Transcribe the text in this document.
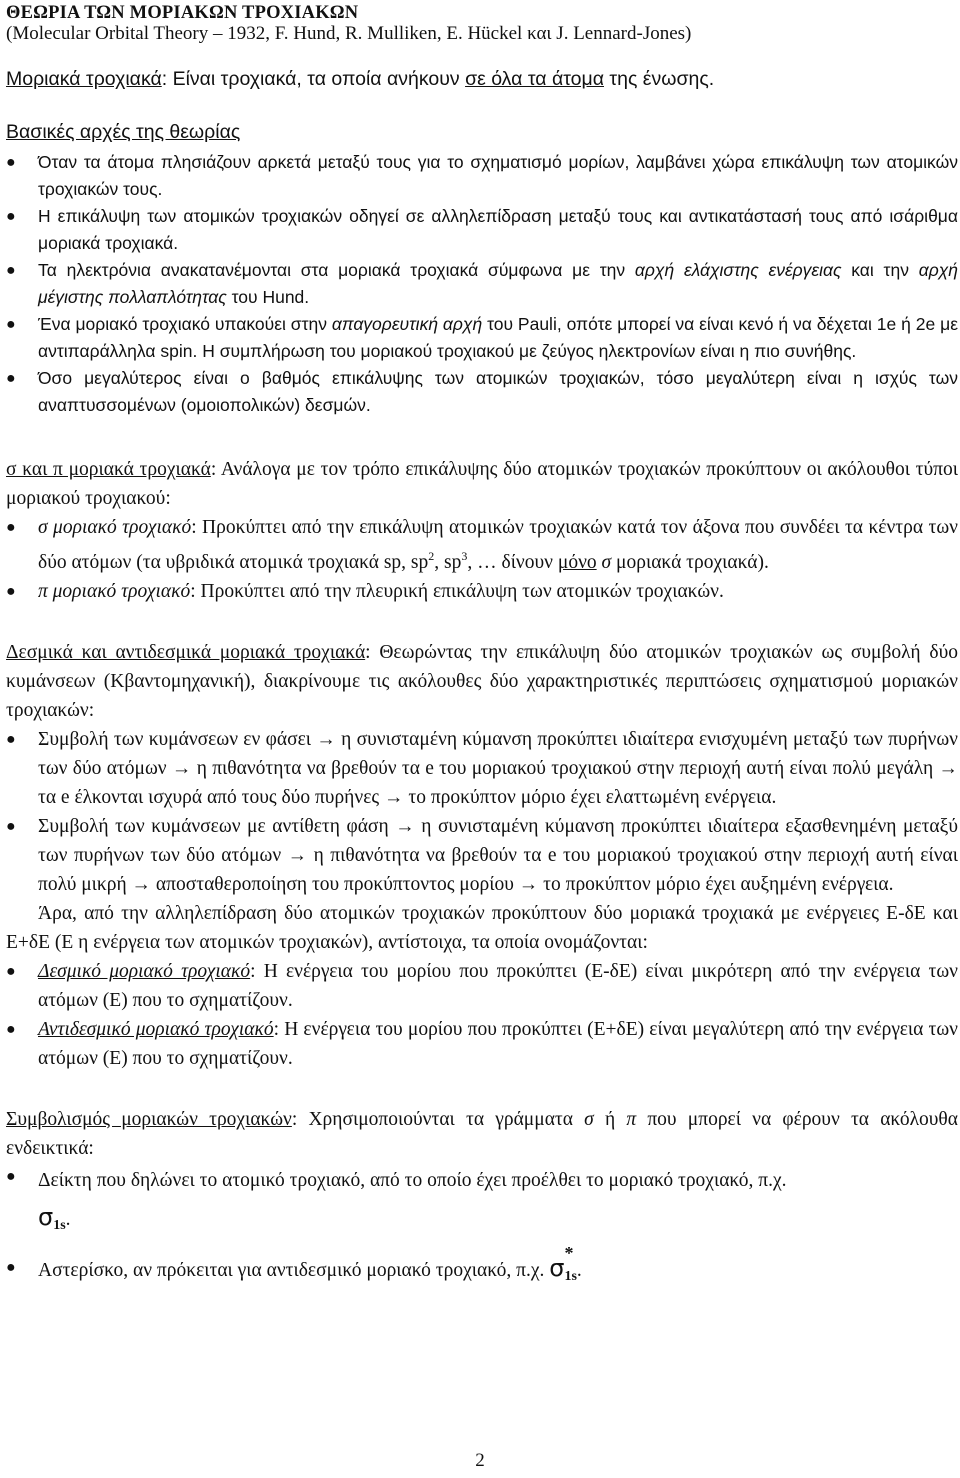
ΘΕΩΡΙΑ ΤΩΝ ΜΟΡΙΑΚΩΝ ΤΡΟΧΙΑΚΩΝ

(Molecular Orbital Theory – 1932, F. Hund, R. Mulliken, E. Hückel και J. Lennard-Jones)

Μοριακά τροχιακά: Είναι τροχιακά, τα οποία ανήκουν σε όλα τα άτομα της ένωσης.

Βασικές αρχές της θεωρίας

●	Όταν τα άτομα πλησιάζουν αρκετά μεταξύ τους για το σχηματισμό μορίων, λαμβάνει χώρα επικάλυψη των ατομικών τροχιακών τους.
●	Η επικάλυψη των ατομικών τροχιακών οδηγεί σε αλληλεπίδραση μεταξύ τους και αντικατάστασή τους από ισάριθμα μοριακά τροχιακά.
●	Τα ηλεκτρόνια ανακατανέμονται στα μοριακά τροχιακά σύμφωνα με την αρχή ελάχιστης ενέργειας και την αρχή μέγιστης πολλαπλότητας του Hund.
●	Ένα μοριακό τροχιακό υπακούει στην απαγορευτική αρχή του Pauli, οπότε μπορεί να είναι κενό ή να δέχεται 1e ή 2e με αντιπαράλληλα spin. Η συμπλήρωση του μοριακού τροχιακού με ζεύγος ηλεκτρονίων είναι η πιο συνήθης.
●	Όσο μεγαλύτερος είναι ο βαθμός επικάλυψης των ατομικών τροχιακών, τόσο μεγαλύτερη είναι η ισχύς των αναπτυσσομένων (ομοιοπολικών) δεσμών.

σ και π μοριακά τροχιακά: Ανάλογα με τον τρόπο επικάλυψης δύο ατομικών τροχιακών προκύπτουν οι ακόλουθοι τύποι μοριακού τροχιακού:

●	σ μοριακό τροχιακό: Προκύπτει από την επικάλυψη ατομικών τροχιακών κατά τον άξονα που συνδέει τα κέντρα των δύο ατόμων (τα υβριδικά ατομικά τροχιακά sp, $sp^2$, $sp^3$, … δίνουν μόνο σ μοριακά τροχιακά).
●	π μοριακό τροχιακό: Προκύπτει από την πλευρική επικάλυψη των ατομικών τροχιακών.

Δεσμικά και αντιδεσμικά μοριακά τροχιακά: Θεωρώντας την επικάλυψη δύο ατομικών τροχιακών ως συμβολή δύο κυμάνσεων (Κβαντομηχανική), διακρίνουμε τις ακόλουθες δύο χαρακτηριστικές περιπτώσεις σχηματισμού μοριακών τροχιακών:

●	Συμβολή των κυμάνσεων εν φάσει → η συνισταμένη κύμανση προκύπτει ιδιαίτερα ενισχυμένη μεταξύ των πυρήνων των δύο ατόμων → η πιθανότητα να βρεθούν τα e του μοριακού τροχιακού στην περιοχή αυτή είναι πολύ μεγάλη → τα e έλκονται ισχυρά από τους δύο πυρήνες → το προκύπτον μόριο έχει ελαττωμένη ενέργεια.
●	Συμβολή των κυμάνσεων με αντίθετη φάση → η συνισταμένη κύμανση προκύπτει ιδιαίτερα εξασθενημένη μεταξύ των πυρήνων των δύο ατόμων → η πιθανότητα να βρεθούν τα e του μοριακού τροχιακού στην περιοχή αυτή είναι πολύ μικρή → αποσταθεροποίηση του προκύπτοντος μορίου → το προκύπτον μόριο έχει αυξημένη ενέργεια.

Άρα, από την αλληλεπίδραση δύο ατομικών τροχιακών προκύπτουν δύο μοριακά τροχιακά με ενέργειες Ε-δΕ και Ε+δΕ (Ε η ενέργεια των ατομικών τροχιακών), αντίστοιχα, τα οποία ονομάζονται:

●	Δεσμικό μοριακό τροχιακό: Η ενέργεια του μορίου που προκύπτει (Ε-δΕ) είναι μικρότερη από την ενέργεια των ατόμων (Ε) που το σχηματίζουν.
●	Αντιδεσμικό μοριακό τροχιακό: Η ενέργεια του μορίου που προκύπτει (Ε+δΕ) είναι μεγαλύτερη από την ενέργεια των ατόμων (Ε) που το σχηματίζουν.

Συμβολισμός μοριακών τροχιακών: Χρησιμοποιούνται τα γράμματα σ ή π που μπορεί να φέρουν τα ακόλουθα ενδεικτικά:

●	Δείκτη που δηλώνει το ατομικό τροχιακό, από το οποίο έχει προέλθει το μοριακό τροχιακό, π.χ.
$\sigma_{1s}$.
●	Αστερίσκο, αν πρόκειται για αντιδεσμικό μοριακό τροχιακό, π.χ. σ
*
$_{1s}$.
2
